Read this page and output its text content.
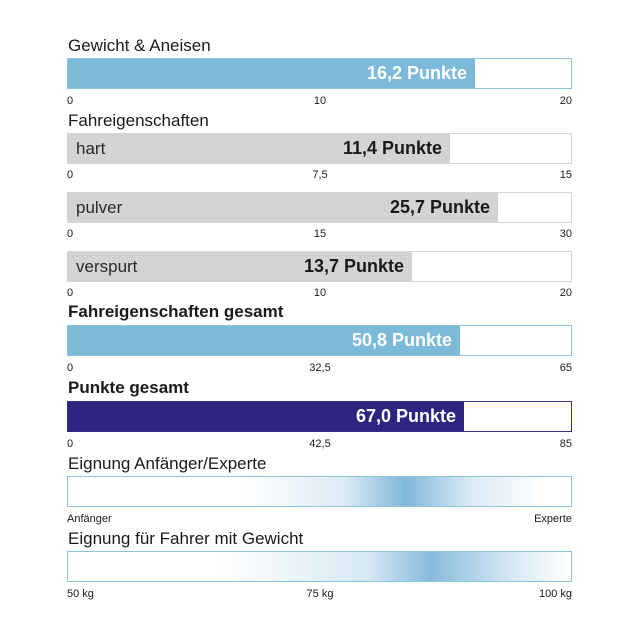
Gewicht & Aneisen
16,2 Punkte
0	10	20
Fahreigenschaften
hart	11,4 Punkte
0	7,5	15
pulver	25,7 Punkte
0	15	30
verspurt	13,7 Punkte
0	10	20
Fahreigenschaften gesamt
50,8 Punkte
0	32,5	65
Punkte gesamt
67,0 Punkte
0	42,5	85
Eignung Anfänger/Experte
Anfänger	Experte
Eignung für Fahrer mit Gewicht
50 kg	75 kg	100 kg
